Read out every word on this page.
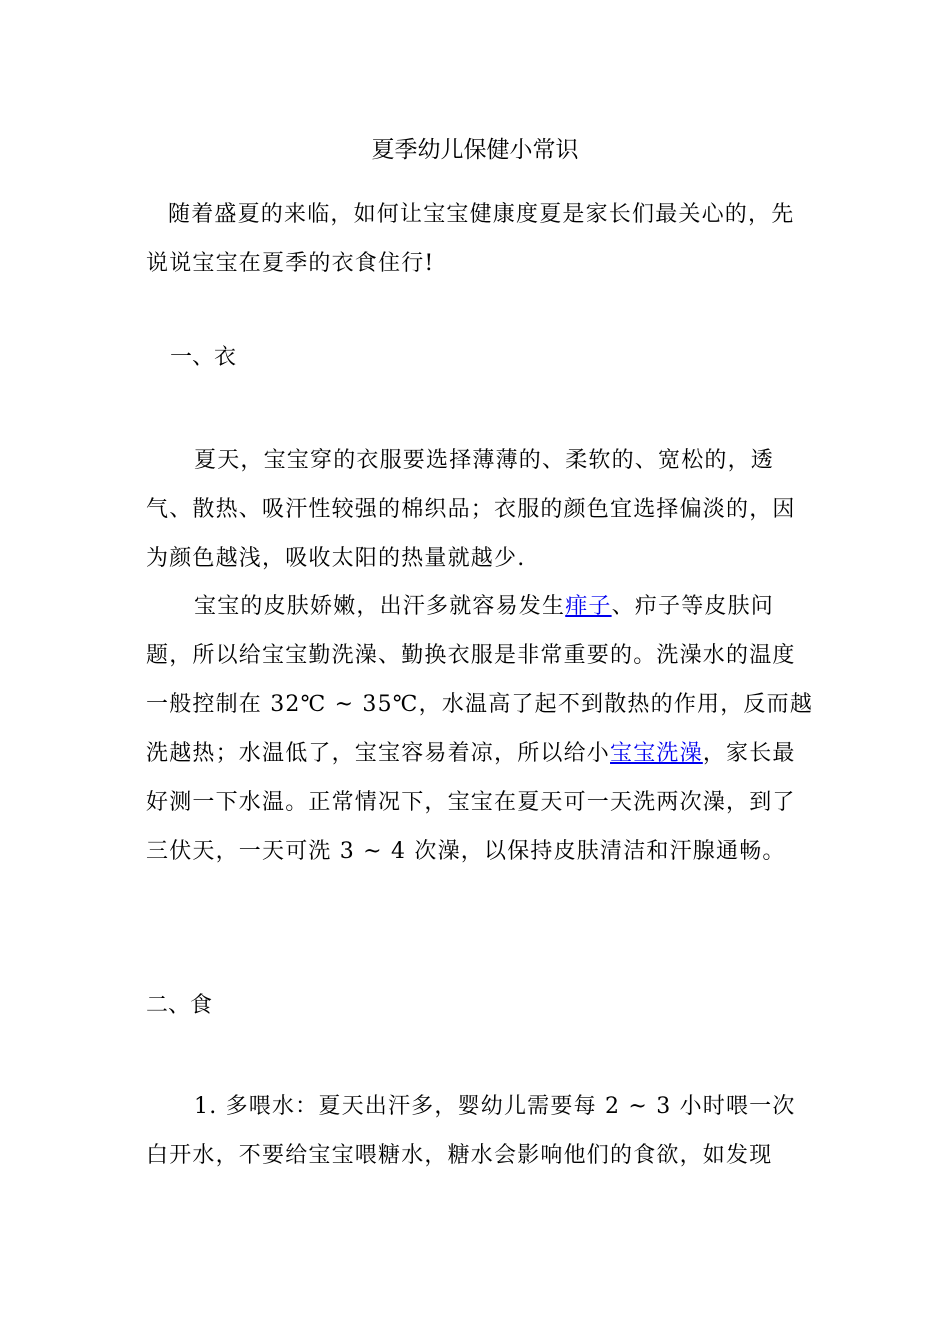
夏季幼儿保健小常识

随着盛夏的来临，如何让宝宝健康度夏是家长们最关心的，先说说宝宝在夏季的衣食住行!

一、衣

夏天，宝宝穿的衣服要选择薄薄的、柔软的、宽松的，透气、散热、吸汗性较强的棉织品；衣服的颜色宜选择偏淡的，因为颜色越浅，吸收太阳的热量就越少.

宝宝的皮肤娇嫩，出汗多就容易发生痱子、疖子等皮肤问题，所以给宝宝勤洗澡、勤换衣服是非常重要的。洗澡水的温度一般控制在 32℃ ~ 35℃，水温高了起不到散热的作用，反而越洗越热；水温低了，宝宝容易着凉，所以给小宝宝洗澡，家长最好测一下水温。正常情况下，宝宝在夏天可一天洗两次澡，到了三伏天，一天可洗 3 ~ 4 次澡，以保持皮肤清洁和汗腺通畅。

二、食

1. 多喂水：夏天出汗多，婴幼儿需要每 2 ~ 3 小时喂一次白开水，不要给宝宝喂糖水，糖水会影响他们的食欲，如发现
